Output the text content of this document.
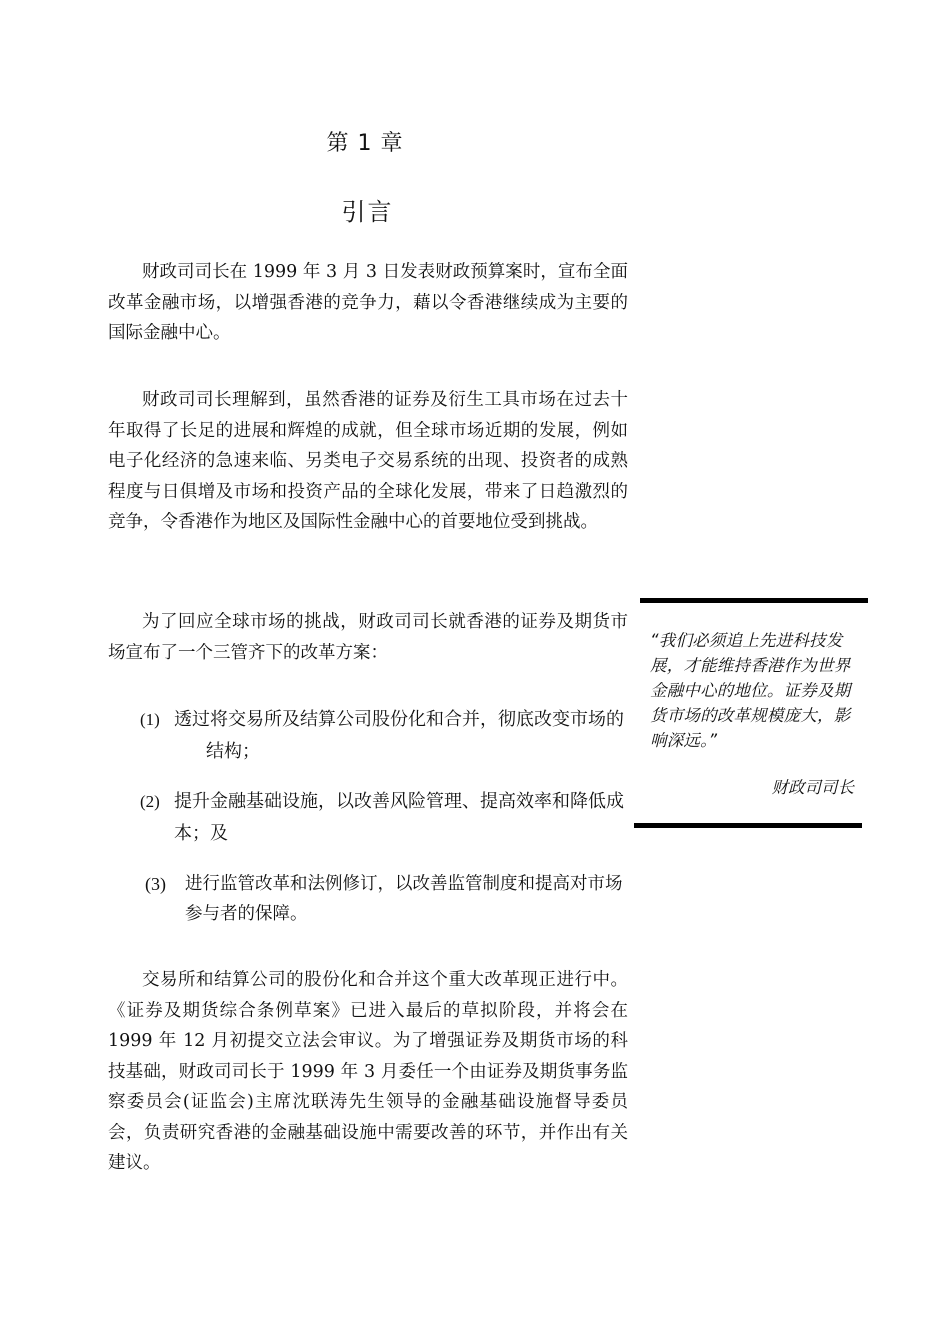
第 1 章
引言

财政司司长在 1999 年 3 月 3 日发表财政预算案时，宣布全面改革金融市场，以增强香港的竞争力，藉以令香港继续成为主要的国际金融中心。

财政司司长理解到，虽然香港的证券及衍生工具市场在过去十年取得了长足的进展和辉煌的成就，但全球市场近期的发展，例如电子化经济的急速来临、另类电子交易系统的出现、投资者的成熟程度与日俱增及市场和投资产品的全球化发展，带来了日趋激烈的竞争，令香港作为地区及国际性金融中心的首要地位受到挑战。

为了回应全球市场的挑战，财政司司长就香港的证券及期货市场宣布了一个三管齐下的改革方案：

(1) 透过将交易所及结算公司股份化和合并，彻底改变市场的结构；
(2) 提升金融基础设施，以改善风险管理、提高效率和降低成本；及
(3)	进行监管改革和法例修订，以改善监管制度和提高对市场参与者的保障。

交易所和结算公司的股份化和合并这个重大改革现正进行中。《证券及期货综合条例草案》已进入最后的草拟阶段，并将会在 1999 年 12 月初提交立法会审议。为了增强证券及期货市场的科技基础，财政司司长于 1999 年 3 月委任一个由证券及期货事务监察委员会(证监会)主席沈联涛先生领导的金融基础设施督导委员会，负责研究香港的金融基础设施中需要改善的环节，并作出有关建议。

“我们必须追上先进科技发展，才能维持香港作为世界金融中心的地位。证券及期货市场的改革规模庞大，影响深远。”
财政司司长
